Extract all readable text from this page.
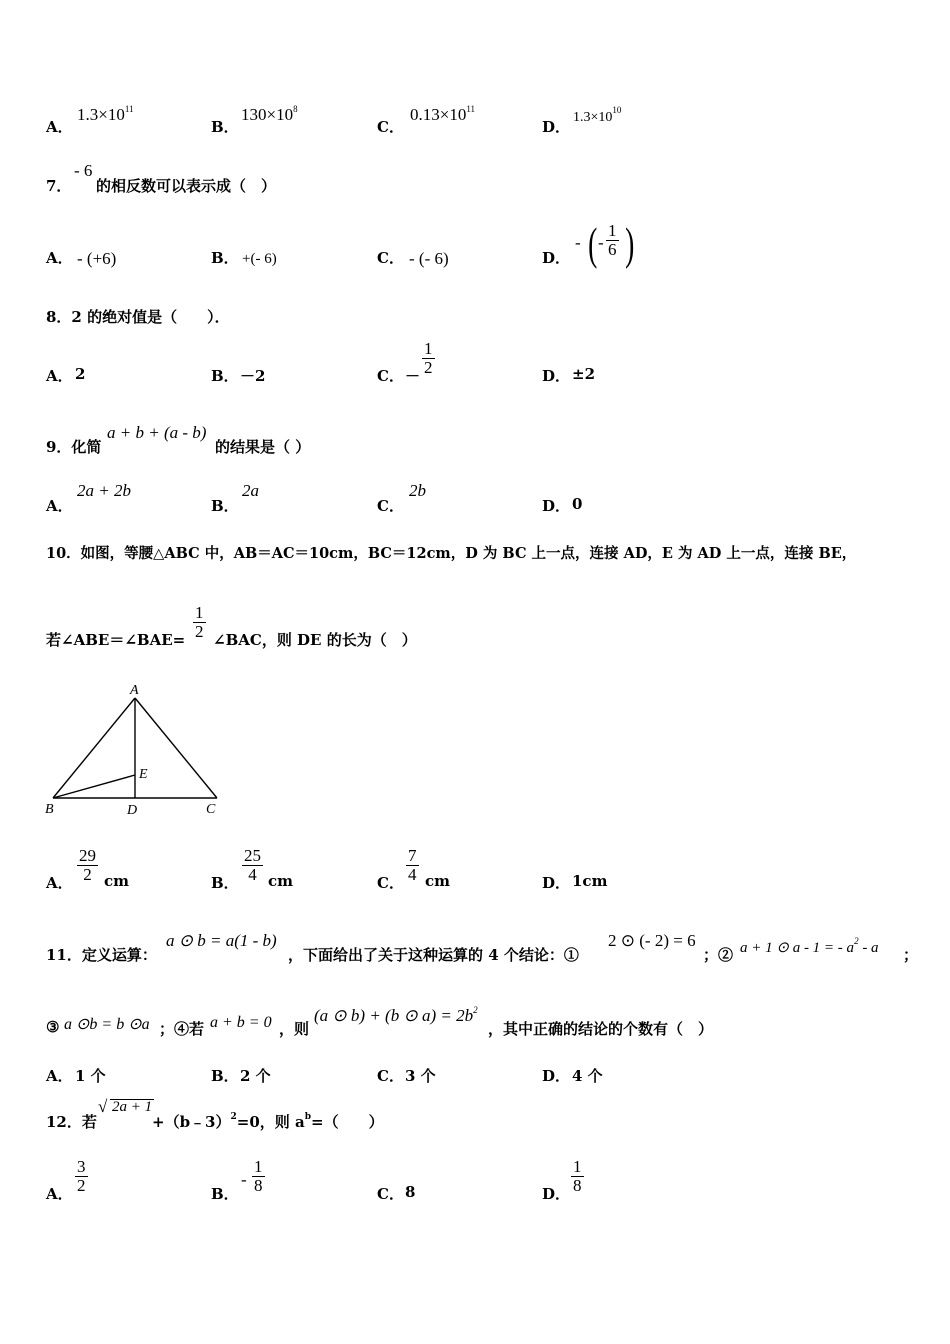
A．
$1.3\times 10^{11}$
B．
$130\times 10^8$
C．
$0.13\times 10^{11}$
D．
$1.3\times 10^{10}$
7．
- 6
的相反数可以表示成（　）
A． - (+6)	B． +(- 6)	C． - (- 6)	D．
- ( - $\frac{1}{6}$ )
8．2 的绝对值是（　　）．
A． 2	B． －2	C． － $\frac{1}{2}$	D． ±2
9．化简
a + b + (a - b)
的结果是（ ）
A．
2a + 2b
B．
2a
C．
2b
D． 0
10．如图，等腰△ABC 中，AB＝AC＝10cm，BC＝12cm，D 为 BC 上一点，连接 AD，E 为 AD 上一点，连接 BE，
若∠ABE＝∠BAE= $\frac{1}{2}$ ∠BAC，则 DE 的长为（　）
A
E
B	D	C
A． $\frac{29}{2}$ cm	B． $\frac{25}{4}$ cm	C． $\frac{7}{4}$ cm	D． 1cm
11．定义运算：
a ⊙ b = a(1 - b)
，下面给出了关于这种运算的 4 个结论：①
2 ⊙ (- 2) = 6
；② a + 1 ⊙ a - 1 = - $a^2$ - a ；
③ a ⊙b = b ⊙a ；④若 a + b = 0 ，则
(a ⊙ b) + (b ⊙ $a) = 2b^2$
，其中正确的结论的个数有（　）
A． 1 个	B． 2 个	C． 3 个	D． 4 个
12．若
√ 2a + 1
+（b﹣3）$^2$=0，则 $a^b=$（　　）
A． $\frac{3}{2}$	B．
- $\frac{1}{8}$	C． 8	D． $\frac{1}{8}$
